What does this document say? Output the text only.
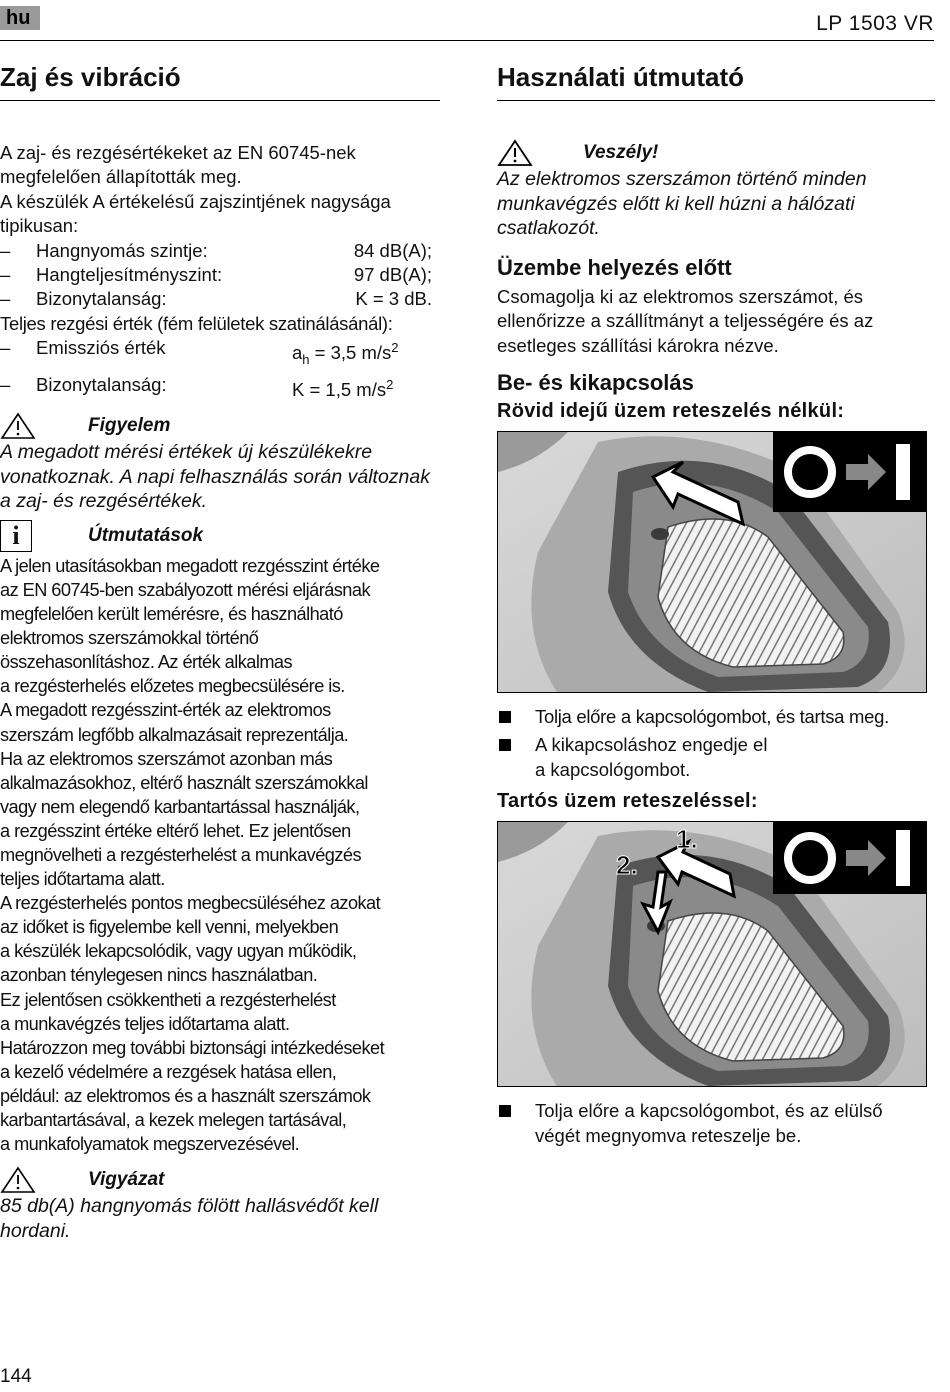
hu	LP 1503 VR
Zaj és vibráció

A zaj- és rezgésértékeket az EN 60745-nek megfelelően állapították meg.

A készülék A értékelésű zajszintjének nagysága tipikusan:

–	Hangnyomás szintje:	84 dB(A);
–	Hangteljesítményszint:	97 dB(A);
–	Bizonytalanság:	K = 3 dB.

Teljes rezgési érték (fém felületek szatinálásánál):

–	Emissziós érték	$a_h = 3,5$ $m/s^2$
–	Bizonytalanság:	K = 1,5 $m/s^2$
Figyelem

A megadott mérési értékek új készülékekre vonatkoznak. A napi felhasználás során változnak a zaj- és rezgésértékek.

i	Útmutatások

A jelen utasításokban megadott rezgésszint értéke

az EN 60745-ben szabályozott mérési eljárásnak

megfelelően került lemérésre, és használható

elektromos szerszámokkal történő

összehasonlításhoz. Az érték alkalmas

a rezgésterhelés előzetes megbecsülésére is.

A megadott rezgésszint-érték az elektromos

szerszám legfőbb alkalmazásait reprezentálja.

Ha az elektromos szerszámot azonban más

alkalmazásokhoz, eltérő használt szerszámokkal

vagy nem elegendő karbantartással használják,

a rezgésszint értéke eltérő lehet. Ez jelentősen

megnövelheti a rezgésterhelést a munkavégzés

teljes időtartama alatt.

A rezgésterhelés pontos megbecsüléséhez azokat

az időket is figyelembe kell venni, melyekben

a készülék lekapcsolódik, vagy ugyan működik,

azonban ténylegesen nincs használatban.

Ez jelentősen csökkentheti a rezgésterhelést

a munkavégzés teljes időtartama alatt.

Határozzon meg további biztonsági intézkedéseket

a kezelő védelmére a rezgések hatása ellen,

például: az elektromos és a használt szerszámok

karbantartásával, a kezek melegen tartásával,

a munkafolyamatok megszervezésével.

Vigyázat

85 db(A) hangnyomás fölött hallásvédőt kell hordani.

Használati útmutató
Veszély!

Az elektromos szerszámon történő minden munkavégzés előtt ki kell húzni a hálózati csatlakozót.

Üzembe helyezés előtt

Csomagolja ki az elektromos szerszámot, és ellenőrizze a szállítmányt a teljességére és az esetleges szállítási károkra nézve.

Be- és kikapcsolás
Rövid idejű üzem reteszelés nélkül:
Tolja előre a kapcsológombot, és tartsa meg.
A kikapcsoláshoz engedje el a kapcsológombot.
Tartós üzem reteszeléssel:
1.
2.
Tolja előre a kapcsológombot, és az elülső végét megnyomva reteszelje be.
144
